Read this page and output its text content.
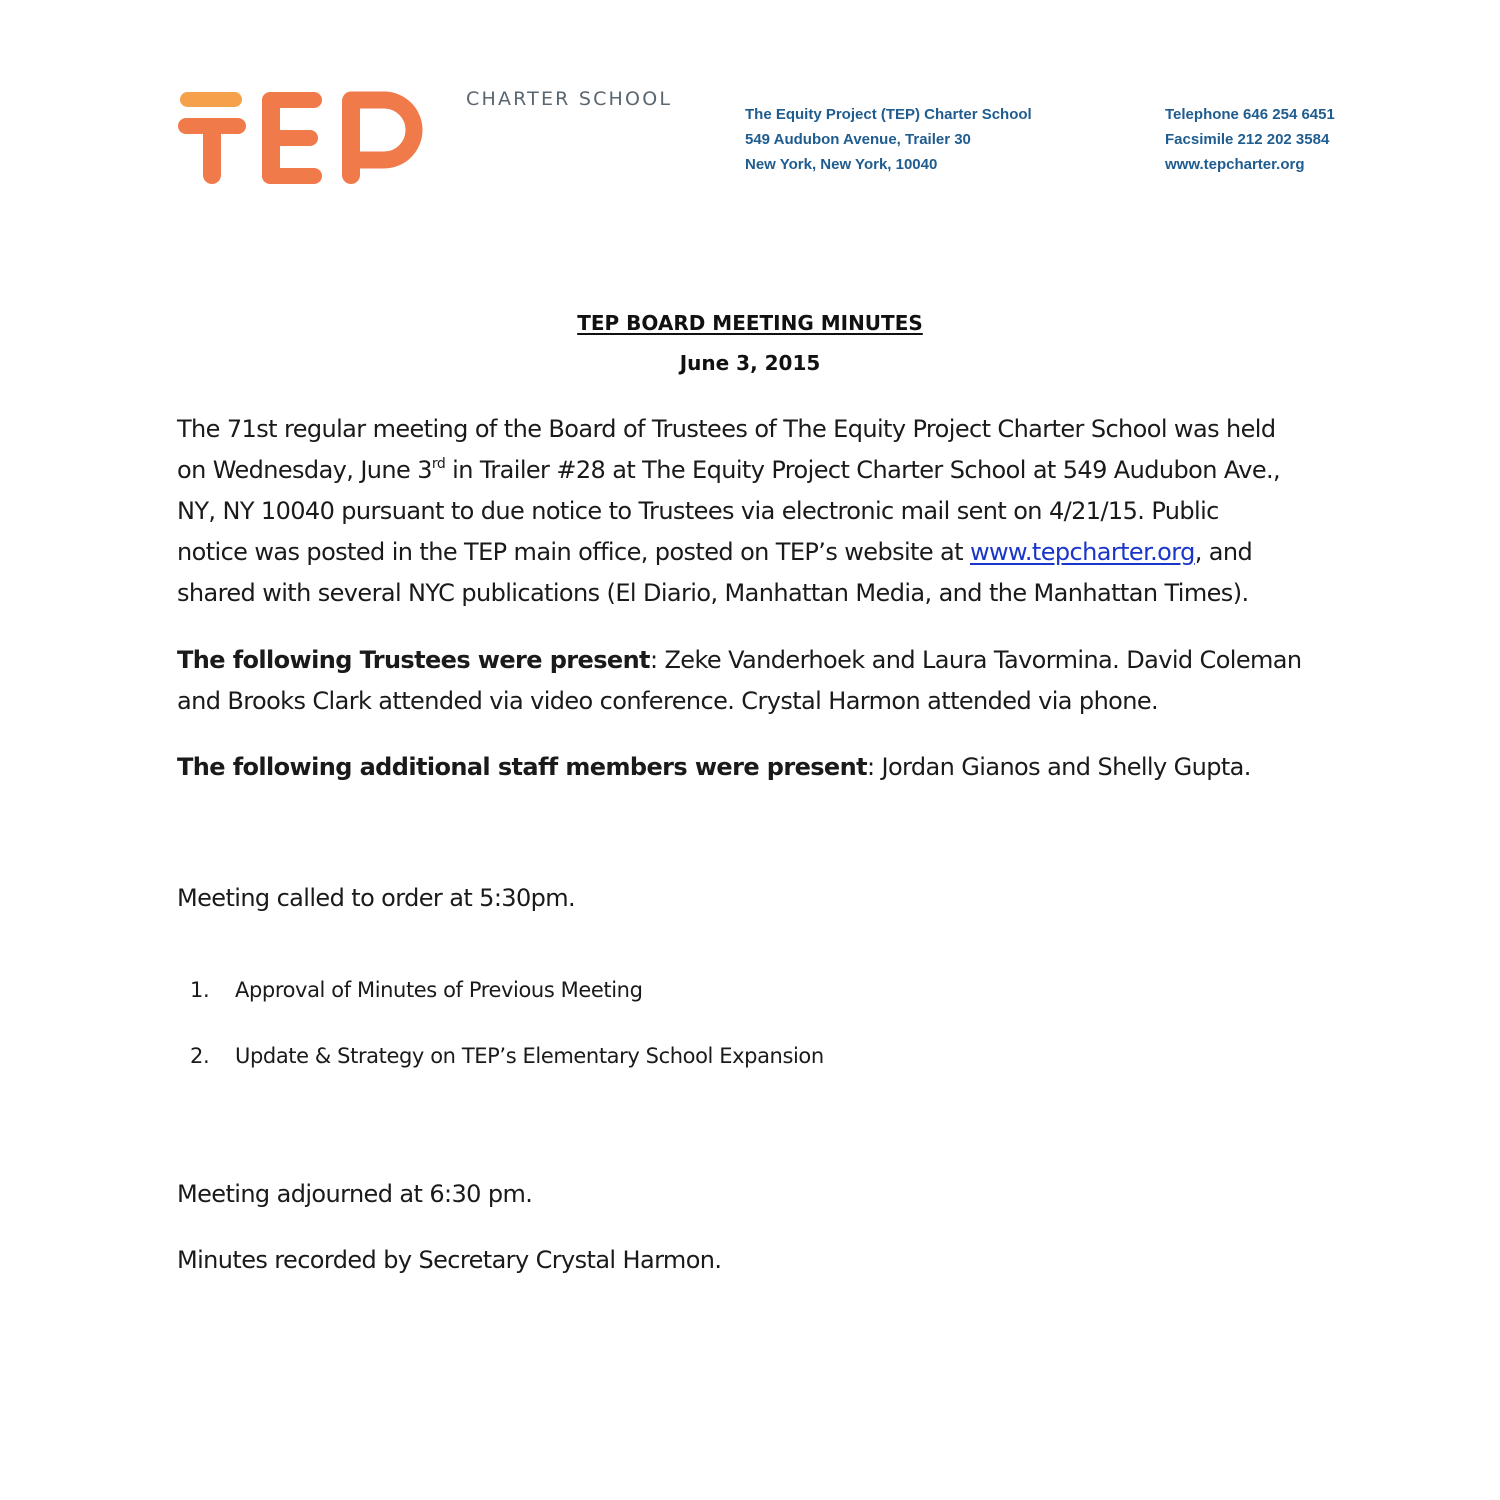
CHARTER SCHOOL
The Equity Project (TEP) Charter School
549 Audubon Avenue, Trailer 30
New York, New York, 10040
Telephone 646 254 6451
Facsimile 212 202 3584
www.tepcharter.org
TEP BOARD MEETING MINUTES
June 3, 2015
The 71st regular meeting of the Board of Trustees of The Equity Project Charter School was held
on Wednesday, June 3rd in Trailer #28 at The Equity Project Charter School at 549 Audubon Ave.,
NY, NY 10040 pursuant to due notice to Trustees via electronic mail sent on 4/21/15. Public
notice was posted in the TEP main office, posted on TEP’s website at www.tepcharter.org, and
shared with several NYC publications (El Diario, Manhattan Media, and the Manhattan Times).
The following Trustees were present: Zeke Vanderhoek and Laura Tavormina. David Coleman
and Brooks Clark attended via video conference. Crystal Harmon attended via phone.
The following additional staff members were present: Jordan Gianos and Shelly Gupta.
Meeting called to order at 5:30pm.
1. Approval of Minutes of Previous Meeting
2. Update & Strategy on TEP’s Elementary School Expansion
Meeting adjourned at 6:30 pm.
Minutes recorded by Secretary Crystal Harmon.
